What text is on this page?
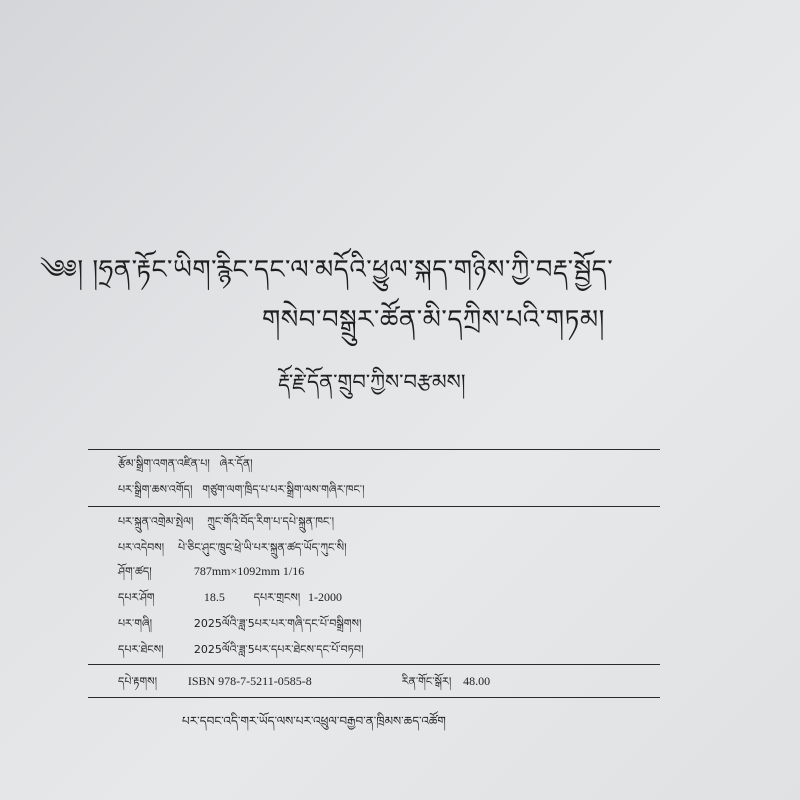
༄༅། །ཧྲན་རྟོང་ཡིག་རྙིང་དང་ལ་མདོའི་ཕྱུལ་སྐད་གཉིས་ཀྱི་བརྡ་སྦྱོད་
གསེབ་བསྒྲུར་ཚོན་མི་དཀྲིས་པའི་གཏམ།
རྡོ་རྗེ་དོན་གྲུབ་ཀྱིས་བརྩམས།
རྩོམ་སྒྲིག་འགན་འཛིན་པ། ཞེར་དོན།
པར་སྒྲིག་ཆས་འགོད། གཙུག་ལག་ཁྲིད་པ་པར་སྒྲིག་ལས་གཞིར་ཁང་།
པར་སྐྲུན་འགྲེམ་སྤེལ། ཀྲུང་གོའི་བོད་རིག་པ་དཔེ་སྐྲུན་ཁང་།
པར་འདེབས། པེ་ཅིང་ཤུང་ཁྲུང་ཕྲེ་ཡི་པར་སྐྲུན་ཚད་ཡོད་ཀུང་སི།
ཤོག་ཚད།	787mm×1092mm 1/16
དཔར་ཤོག	18.5	དཔར་གྲངས། 1-2000
པར་གཞི།	2025ལོའི་ཟླ་5པར་པར་གཞི་དང་པོ་བསྒྲིགས།
དཔར་ཐེངས།	2025ལོའི་ཟླ་5པར་དཔར་ཐེངས་དང་པོ་བཏབ།
དཔེ་རྟགས།	ISBN 978-7-5211-0585-8	རིན་གོང་སྒོར། 48.00
པར་དབང་འདི་གར་ཡོད་ལས་པར་འཕྲུལ་བརྒྱབ་ན་ཁྲིམས་ཆད་འཚོག
